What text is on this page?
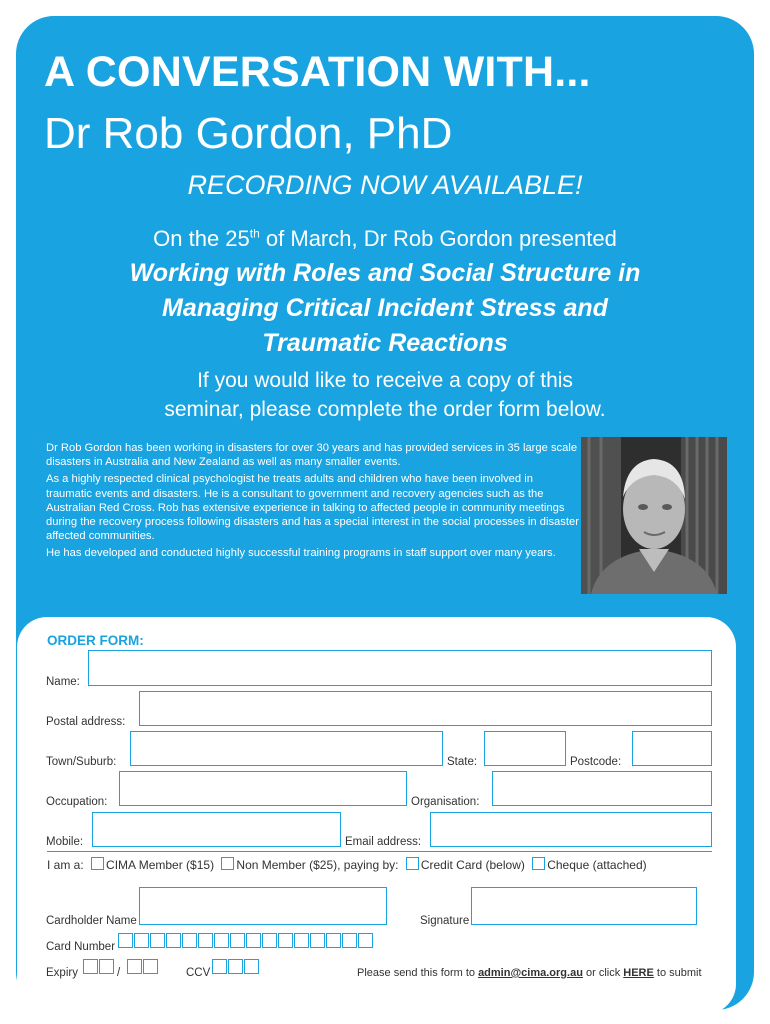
A CONVERSATION WITH...
Dr Rob Gordon, PhD
RECORDING NOW AVAILABLE!
On the 25th of March, Dr Rob Gordon presented
Working with Roles and Social Structure in
Managing Critical Incident Stress and
Traumatic Reactions
If you would like to receive a copy of this
seminar, please complete the order form below.

Dr Rob Gordon has been working in disasters for over 30 years and has provided services in 35 large scale disasters in Australia and New Zealand as well as many smaller events.

As a highly respected clinical psychologist he treats adults and children who have been involved in traumatic events and disasters. He is a consultant to government and recovery agencies such as the Australian Red Cross. Rob has extensive experience in talking to affected people in community meetings during the recovery process following disasters and has a special interest in the social processes in disaster affected communities.

He has developed and conducted highly successful training programs in staff support over many years.

ORDER FORM:
Name:
Postal address:
Town/Suburb:	State:	Postcode:
Occupation:	Organisation:
Mobile:	Email address:
I am a: CIMA Member ($15) Non Member ($25), paying by: Credit Card (below) Cheque (attached)
Cardholder Name	Signature
Card Number
Expiry	/	CCV	Please send this form to admin@cima.org.au or click HERE to submit
